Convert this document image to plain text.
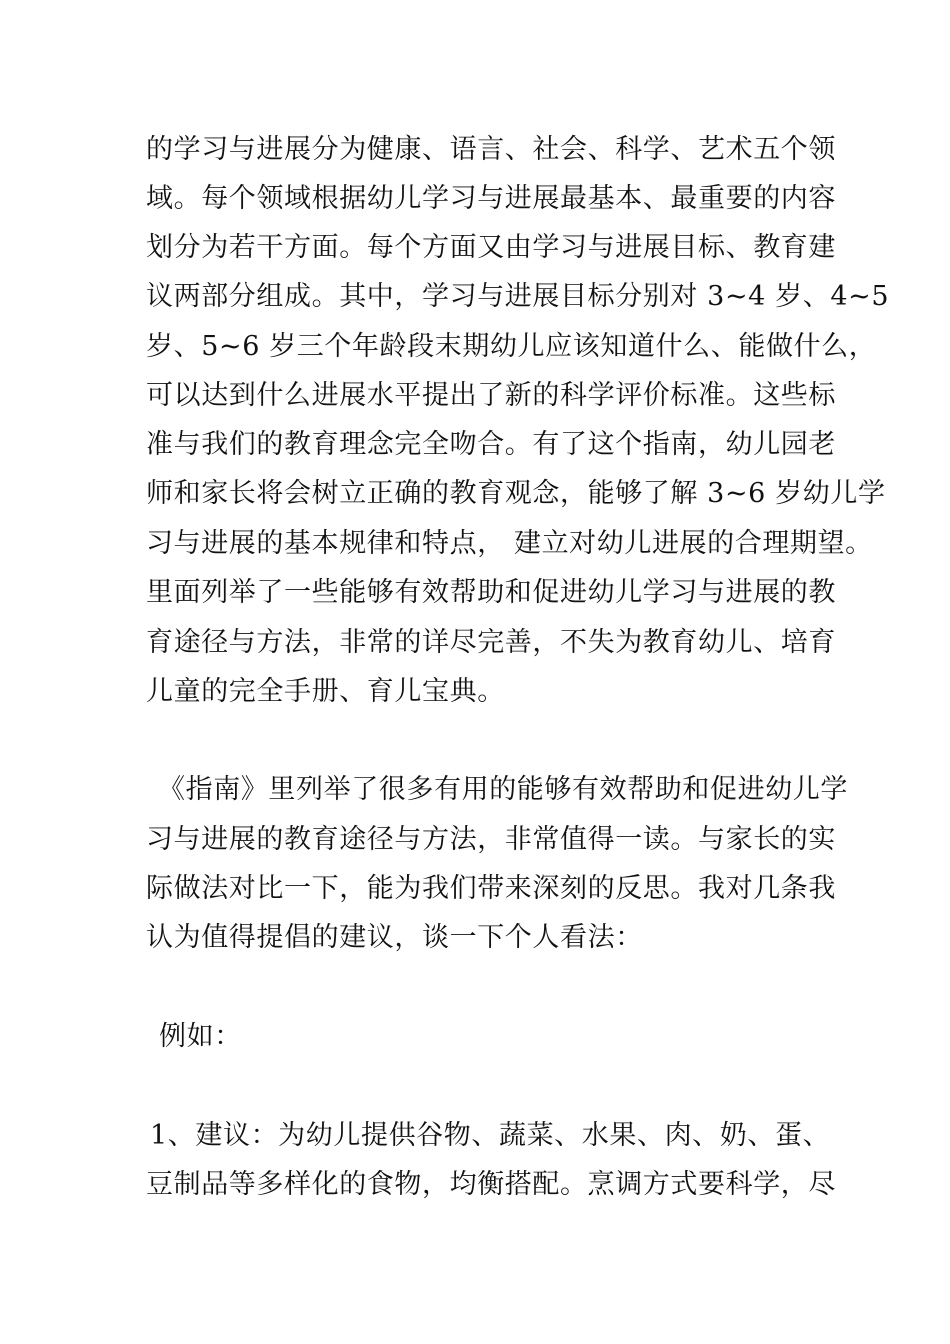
的学习与进展分为健康、语言、社会、科学、艺术五个领
域。每个领域根据幼儿学习与进展最基本、最重要的内容
划分为若干方面。每个方面又由学习与进展目标、教育建
议两部分组成。其中，学习与进展目标分别对 3~4 岁、4~5
岁、5~6 岁三个年龄段末期幼儿应该知道什么、能做什么，
可以达到什么进展水平提出了新的科学评价标准。这些标
准与我们的教育理念完全吻合。有了这个指南，幼儿园老
师和家长将会树立正确的教育观念，能够了解 3~6 岁幼儿学
习与进展的基本规律和特点， 建立对幼儿进展的合理期望。
里面列举了一些能够有效帮助和促进幼儿学习与进展的教
育途径与方法，非常的详尽完善，不失为教育幼儿、培育
儿童的完全手册、育儿宝典。
《指南》里列举了很多有用的能够有效帮助和促进幼儿学
习与进展的教育途径与方法，非常值得一读。与家长的实
际做法对比一下，能为我们带来深刻的反思。我对几条我
认为值得提倡的建议，谈一下个人看法：
例如：
1、建议：为幼儿提供谷物、蔬菜、水果、肉、奶、蛋、
豆制品等多样化的食物，均衡搭配。烹调方式要科学，尽
